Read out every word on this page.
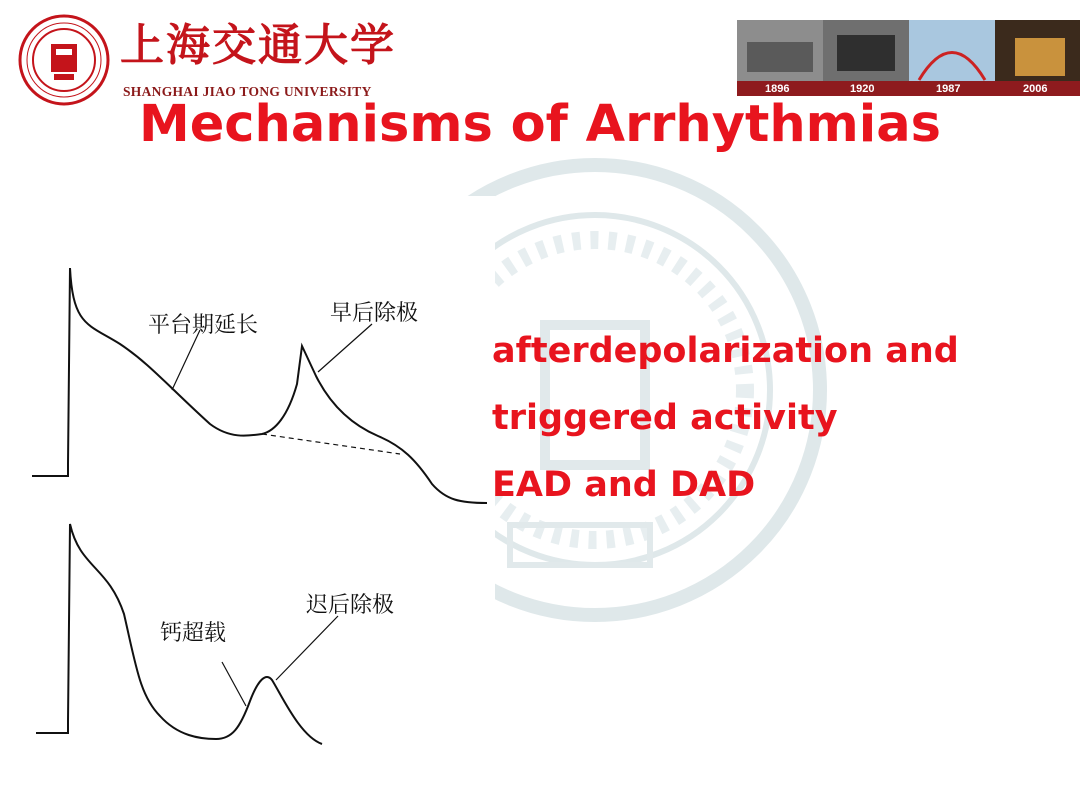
上海交通大学
SHANGHAI JIAO TONG UNIVERSITY	1896	1920	1987	2006
Mechanisms of Arrhythmias
平台期延长	早后除极
迟后除极
钙超载
afterdepolarization and
triggered activity
EAD and DAD
